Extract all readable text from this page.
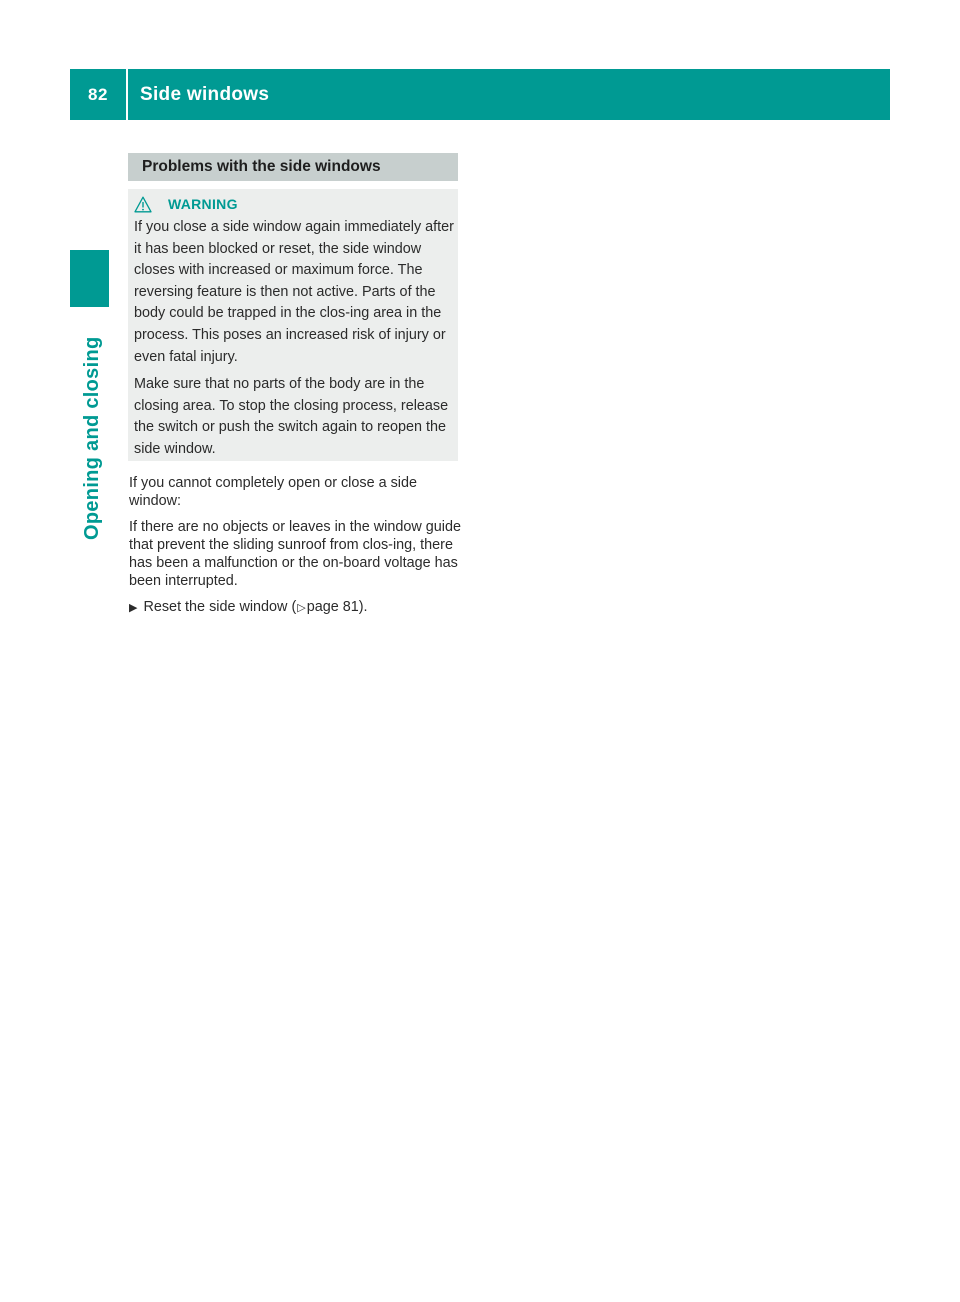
82	Side windows
Opening and closing
Problems with the side windows
WARNING

If you close a side window again immediately after it has been blocked or reset, the side window closes with increased or maximum force. The reversing feature is then not active. Parts of the body could be trapped in the clos-ing area in the process. This poses an increased risk of injury or even fatal injury.

Make sure that no parts of the body are in the closing area. To stop the closing process, release the switch or push the switch again to reopen the side window.

If you cannot completely open or close a side window:

If there are no objects or leaves in the window guide that prevent the sliding sunroof from clos-ing, there has been a malfunction or the on-board voltage has been interrupted.

▶ Reset the side window (▷page 81).
